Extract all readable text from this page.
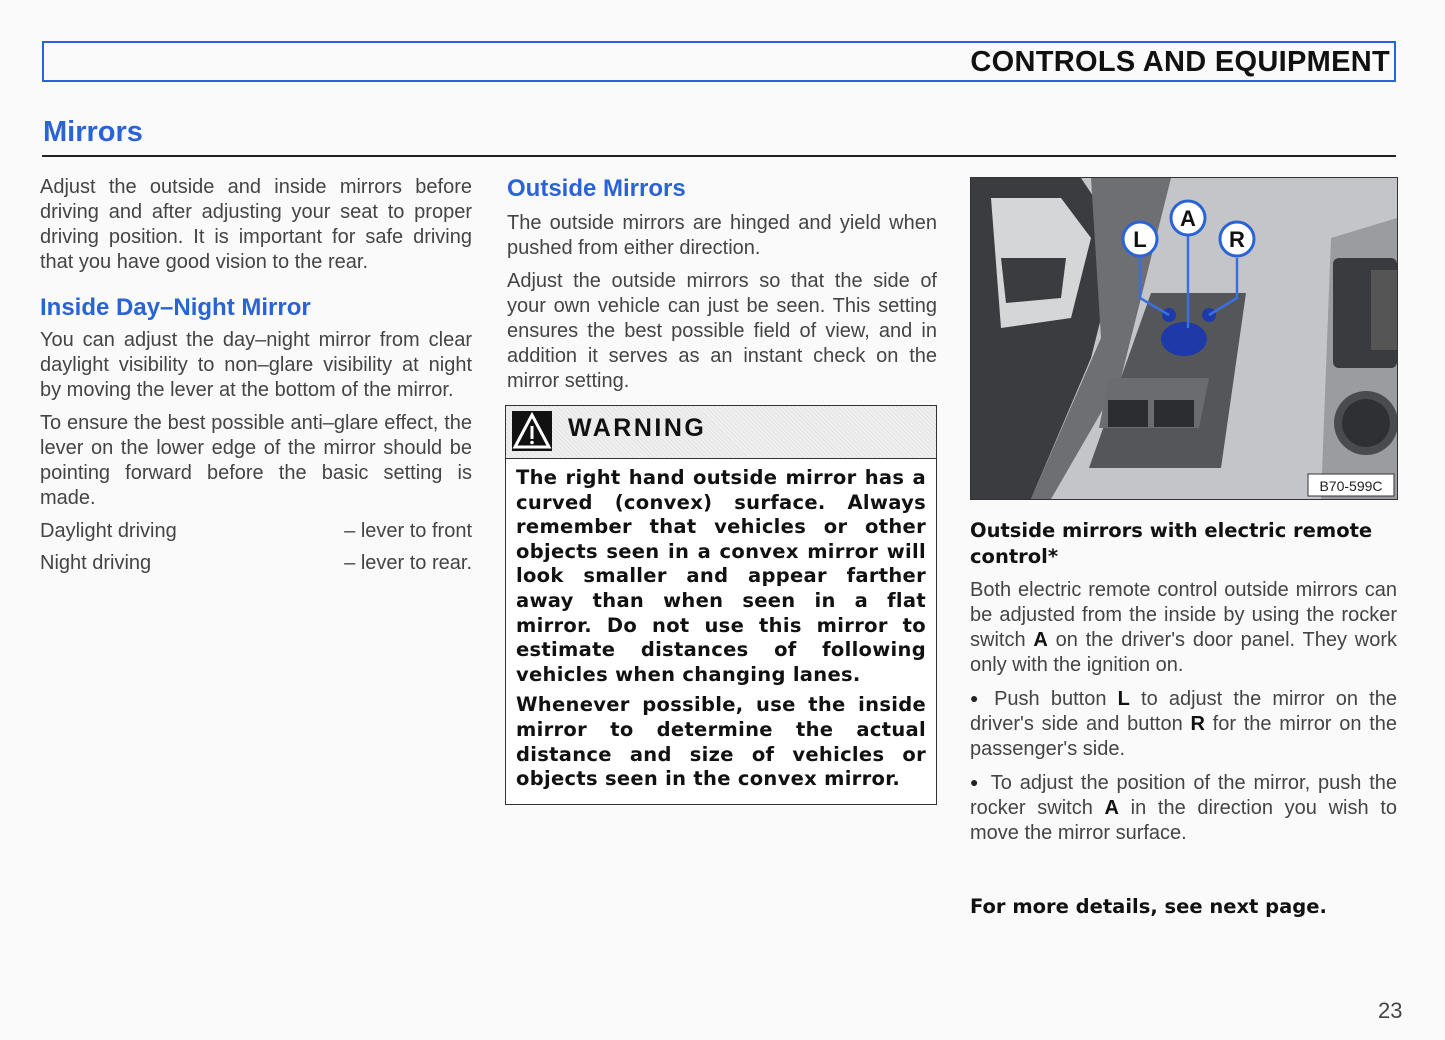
CONTROLS AND EQUIPMENT
Mirrors

Adjust the outside and inside mirrors before driving and after adjusting your seat to proper driving position. It is important for safe driving that you have good vision to the rear.

Inside Day–Night Mirror

You can adjust the day–night mirror from clear daylight visibility to non–glare visibility at night by moving the lever at the bottom of the mirror.

To ensure the best possible anti–glare effect, the lever on the lower edge of the mirror should be pointing forward before the basic setting is made.

Daylight driving	– lever to front
Night driving	– lever to rear.
Outside Mirrors

The outside mirrors are hinged and yield when pushed from either direction.

Adjust the outside mirrors so that the side of your own vehicle can just be seen. This setting ensures the best possible field of view, and in addition it serves as an instant check on the mirror setting.

WARNING

The right hand outside mirror has a curved (convex) surface. Always remember that vehicles or other objects seen in a convex mirror will look smaller and appear farther away than when seen in a flat mirror. Do not use this mirror to estimate distances of following vehicles when changing lanes.

Whenever possible, use the inside mirror to determine the actual distance and size of vehicles or objects seen in the convex mirror.

L
A
R
B70-599C
Outside mirrors with electric remote control*

Both electric remote control outside mirrors can be adjusted from the inside by using the rocker switch A on the driver's door panel. They work only with the ignition on.

● Push button L to adjust the mirror on the driver's side and button R for the mirror on the passenger's side.

● To adjust the position of the mirror, push the rocker switch A in the direction you wish to move the mirror surface.

For more details, see next page.
23
